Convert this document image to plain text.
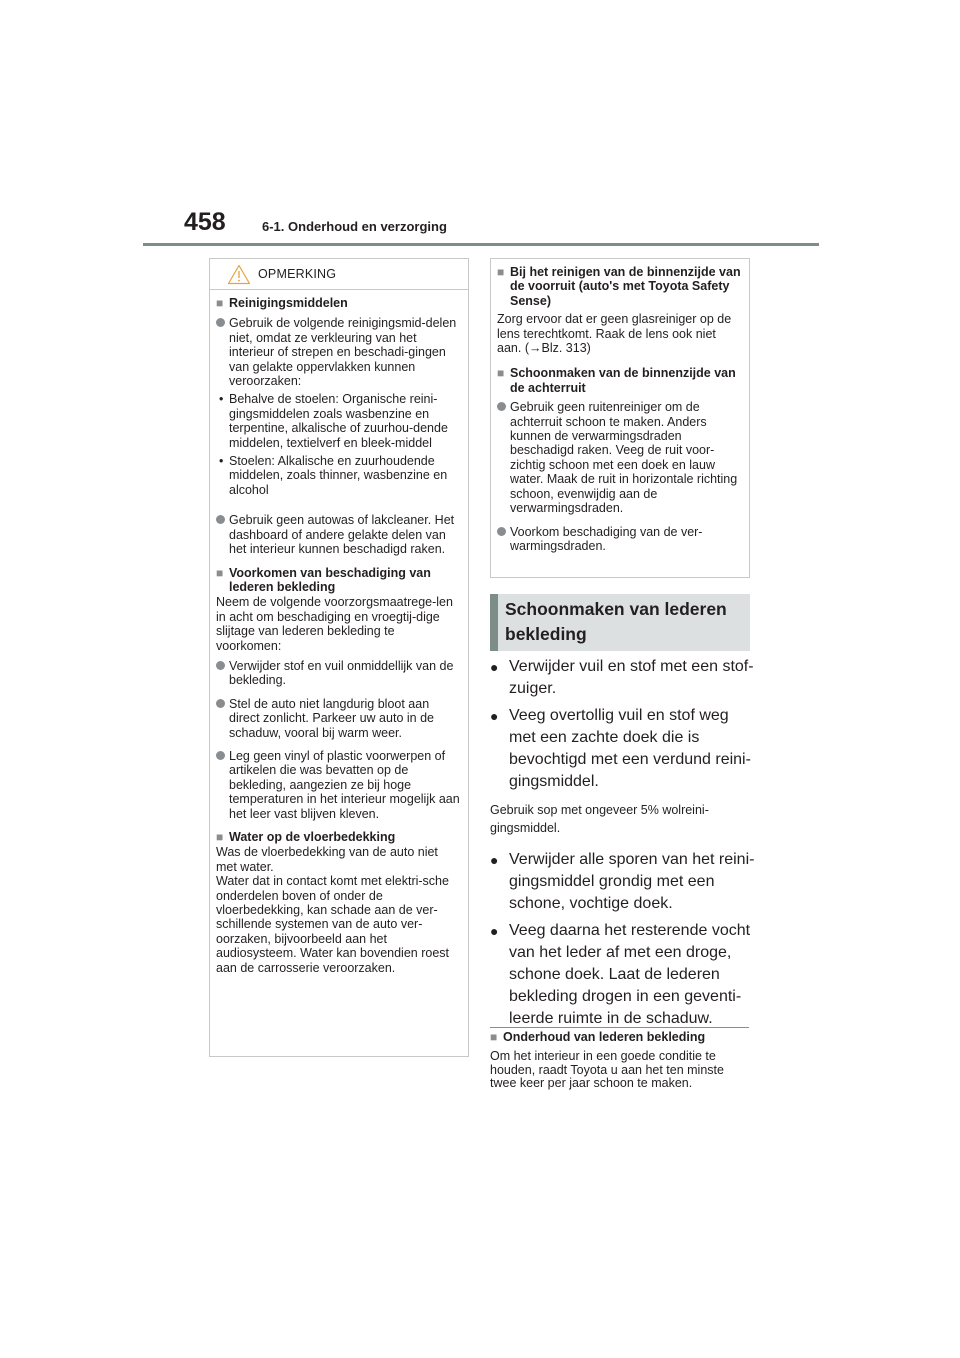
458	6-1. Onderhoud en verzorging
OPMERKING
■ Reinigingsmiddelen
Gebruik de volgende reinigingsmid-delen niet, omdat ze verkleuring van het interieur of strepen en beschadi-gingen van gelakte oppervlakken kunnen veroorzaken:
• Behalve de stoelen: Organische reini-gingsmiddelen zoals wasbenzine en terpentine, alkalische of zuurhou-dende middelen, textielverf en bleek-middel
• Stoelen: Alkalische en zuurhoudende middelen, zoals thinner, wasbenzine en alcohol
Gebruik geen autowas of lakcleaner. Het dashboard of andere gelakte delen van het interieur kunnen beschadigd raken.
■ Voorkomen van beschadiging van lederen bekleding
Neem de volgende voorzorgsmaatrege-len in acht om beschadiging en vroegtij-dige slijtage van lederen bekleding te voorkomen:
Verwijder stof en vuil onmiddellijk van de bekleding.
Stel de auto niet langdurig bloot aan direct zonlicht. Parkeer uw auto in de schaduw, vooral bij warm weer.
Leg geen vinyl of plastic voorwerpen of artikelen die was bevatten op de bekleding, aangezien ze bij hoge temperaturen in het interieur mogelijk aan het leer vast blijven kleven.
■ Water op de vloerbedekking
Was de vloerbedekking van de auto niet met water.
Water dat in contact komt met elektri-sche onderdelen boven of onder de vloerbedekking, kan schade aan de ver-schillende systemen van de auto ver-oorzaken, bijvoorbeeld aan het audiosysteem. Water kan bovendien roest aan de carrosserie veroorzaken.
■ Bij het reinigen van de binnenzijde van de voorruit (auto's met Toyota Safety Sense)
Zorg ervoor dat er geen glasreiniger op de lens terechtkomt. Raak de lens ook niet aan. (→Blz. 313)
■ Schoonmaken van de binnenzijde van de achterruit
Gebruik geen ruitenreiniger om de achterruit schoon te maken. Anders kunnen de verwarmingsdraden beschadigd raken. Veeg de ruit voor-zichtig schoon met een doek en lauw water. Maak de ruit in horizontale richting schoon, evenwijdig aan de verwarmingsdraden.
Voorkom beschadiging van de ver-warmingsdraden.
Schoonmaken van lederen bekleding
● Verwijder vuil en stof met een stof-zuiger.
● Veeg overtollig vuil en stof weg met een zachte doek die is bevochtigd met een verdund reini-gingsmiddel.
Gebruik sop met ongeveer 5% wolreini-gingsmiddel.
● Verwijder alle sporen van het reini-gingsmiddel grondig met een schone, vochtige doek.
● Veeg daarna het resterende vocht van het leder af met een droge, schone doek. Laat de lederen bekleding drogen in een geventi-leerde ruimte in de schaduw.
■ Onderhoud van lederen bekleding
Om het interieur in een goede conditie te houden, raadt Toyota u aan het ten minste twee keer per jaar schoon te maken.
